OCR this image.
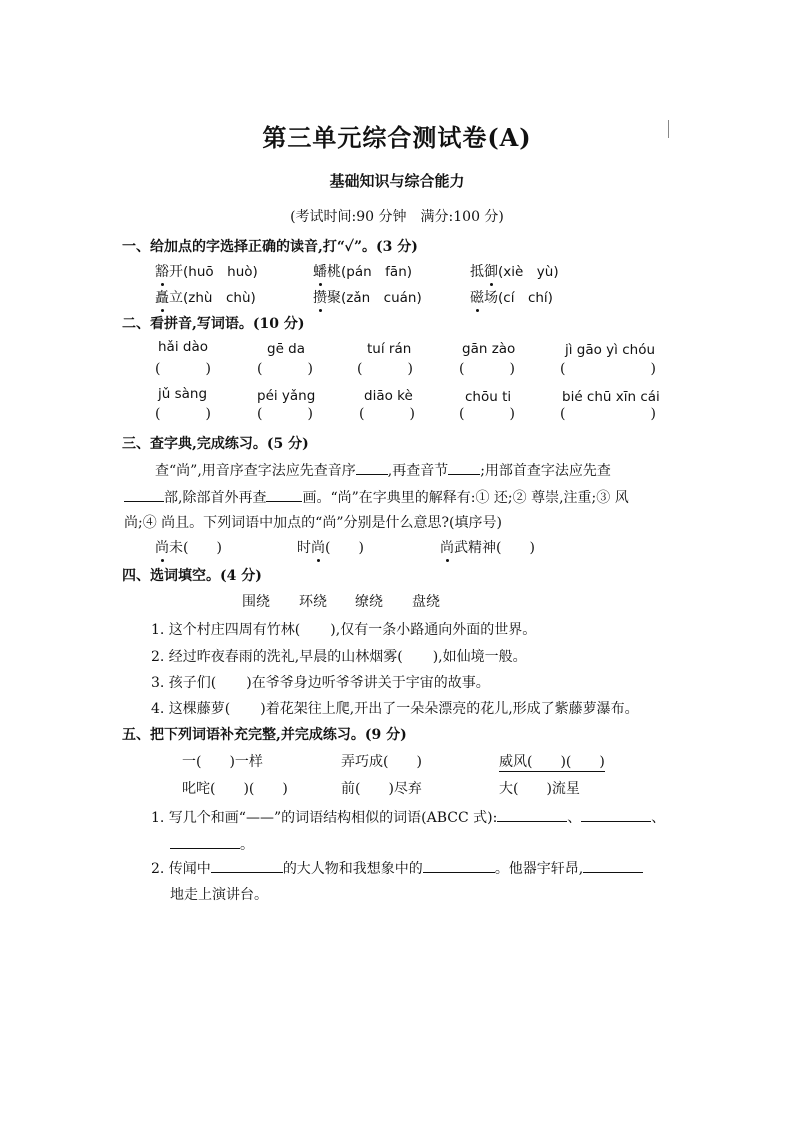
第三单元综合测试卷(A)
基础知识与综合能力
(考试时间:90 分钟　满分:100 分)
一、给加点的字选择正确的读音,打“✓”。(3 分)
豁开(huō　huò)	蟠桃(pán　fān)	抵御(xiè　yù)
矗立(zhù　chù)	攒聚(zǎn　cuán)	磁场(cí　chí)
二、看拼音,写词语。(10 分)
hǎi dào	gē da	tuí rán	gān zào	jì gāo yì chóu
(	)	(	)	(	)	(	)	(	)
jǔ sàng	péi yǎng	diāo kè	chōu ti	bié chū xīn cái
(	)	(	)	(	)	(	)	(	)
三、查字典,完成练习。(5 分)
查“尚”,用音序查字法应先查音序 ,再查音节 ;用部首查字法应先查
部,除部首外再查	画。“尚”在字典里的解释有:① 还;② 尊崇,注重;③ 风
尚;④ 尚且。下列词语中加点的“尚”分别是什么意思?(填序号)
尚未(　　)	时尚(　　)	尚武精神(　　)
四、选词填空。(4 分)
围绕 环绕 缭绕 盘绕
1. 这个村庄四周有竹林( ),仅有一条小路通向外面的世界。
2. 经过昨夜春雨的洗礼,早晨的山林烟雾( ),如仙境一般。
3. 孩子们( )在爷爷身边听爷爷讲关于宇宙的故事。
4. 这棵藤萝( )着花架往上爬,开出了一朵朵漂亮的花儿,形成了紫藤萝瀑布。
五、把下列词语补充完整,并完成练习。(9 分)
一(　　)一样	弄巧成(　　)	威风(　　)(　　)
叱咤(　　)(　　)	前(　　)尽弃	大(　　)流星
1. 写几个和画“——”的词语结构相似的词语(ABCC 式):	、	、
。
2. 传闻中	的大人物和我想象中的	。他器宇轩昂,
地走上演讲台。
